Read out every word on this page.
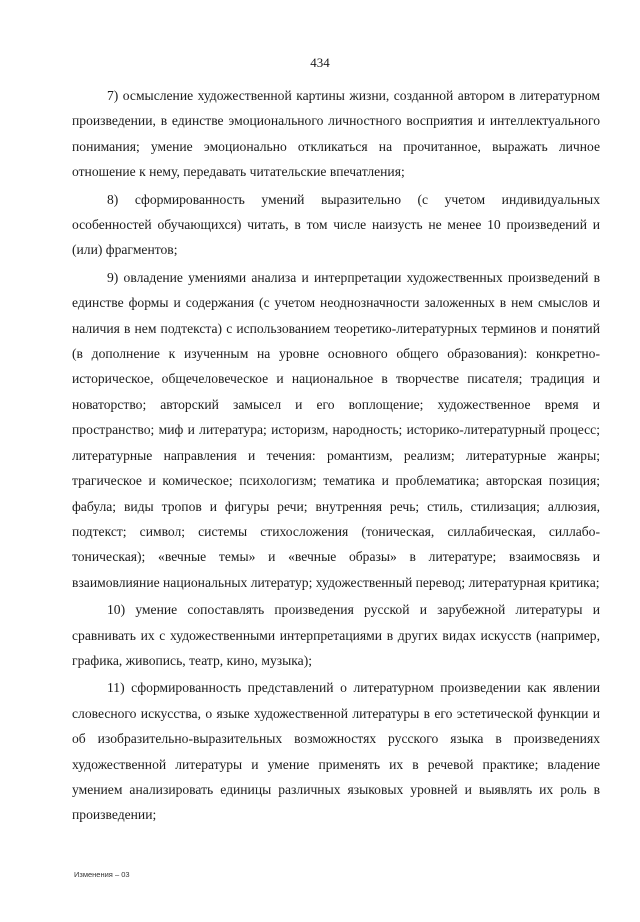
434

7) осмысление художественной картины жизни, созданной автором в литературном произведении, в единстве эмоционального личностного восприятия и интеллектуального понимания; умение эмоционально откликаться на прочитанное, выражать личное отношение к нему, передавать читательские впечатления;

8) сформированность умений выразительно (с учетом индивидуальных особенностей обучающихся) читать, в том числе наизусть не менее 10 произведений и (или) фрагментов;

9) овладение умениями анализа и интерпретации художественных произведений в единстве формы и содержания (с учетом неоднозначности заложенных в нем смыслов и наличия в нем подтекста) с использованием теоретико-литературных терминов и понятий (в дополнение к изученным на уровне основного общего образования): конкретно-историческое, общечеловеческое и национальное в творчестве писателя; традиция и новаторство; авторский замысел и его воплощение; художественное время и пространство; миф и литература; историзм, народность; историко-литературный процесс; литературные направления и течения: романтизм, реализм; литературные жанры; трагическое и комическое; психологизм; тематика и проблематика; авторская позиция; фабула; виды тропов и фигуры речи; внутренняя речь; стиль, стилизация; аллюзия, подтекст; символ; системы стихосложения (тоническая, силлабическая, силлабо-тоническая); «вечные темы» и «вечные образы» в литературе; взаимосвязь и взаимовлияние национальных литератур; художественный перевод; литературная критика;

10) умение сопоставлять произведения русской и зарубежной литературы и сравнивать их с художественными интерпретациями в других видах искусств (например, графика, живопись, театр, кино, музыка);

11) сформированность представлений о литературном произведении как явлении словесного искусства, о языке художественной литературы в его эстетической функции и об изобразительно-выразительных возможностях русского языка в произведениях художественной литературы и умение применять их в речевой практике; владение умением анализировать единицы различных языковых уровней и выявлять их роль в произведении;

Изменения – 03
